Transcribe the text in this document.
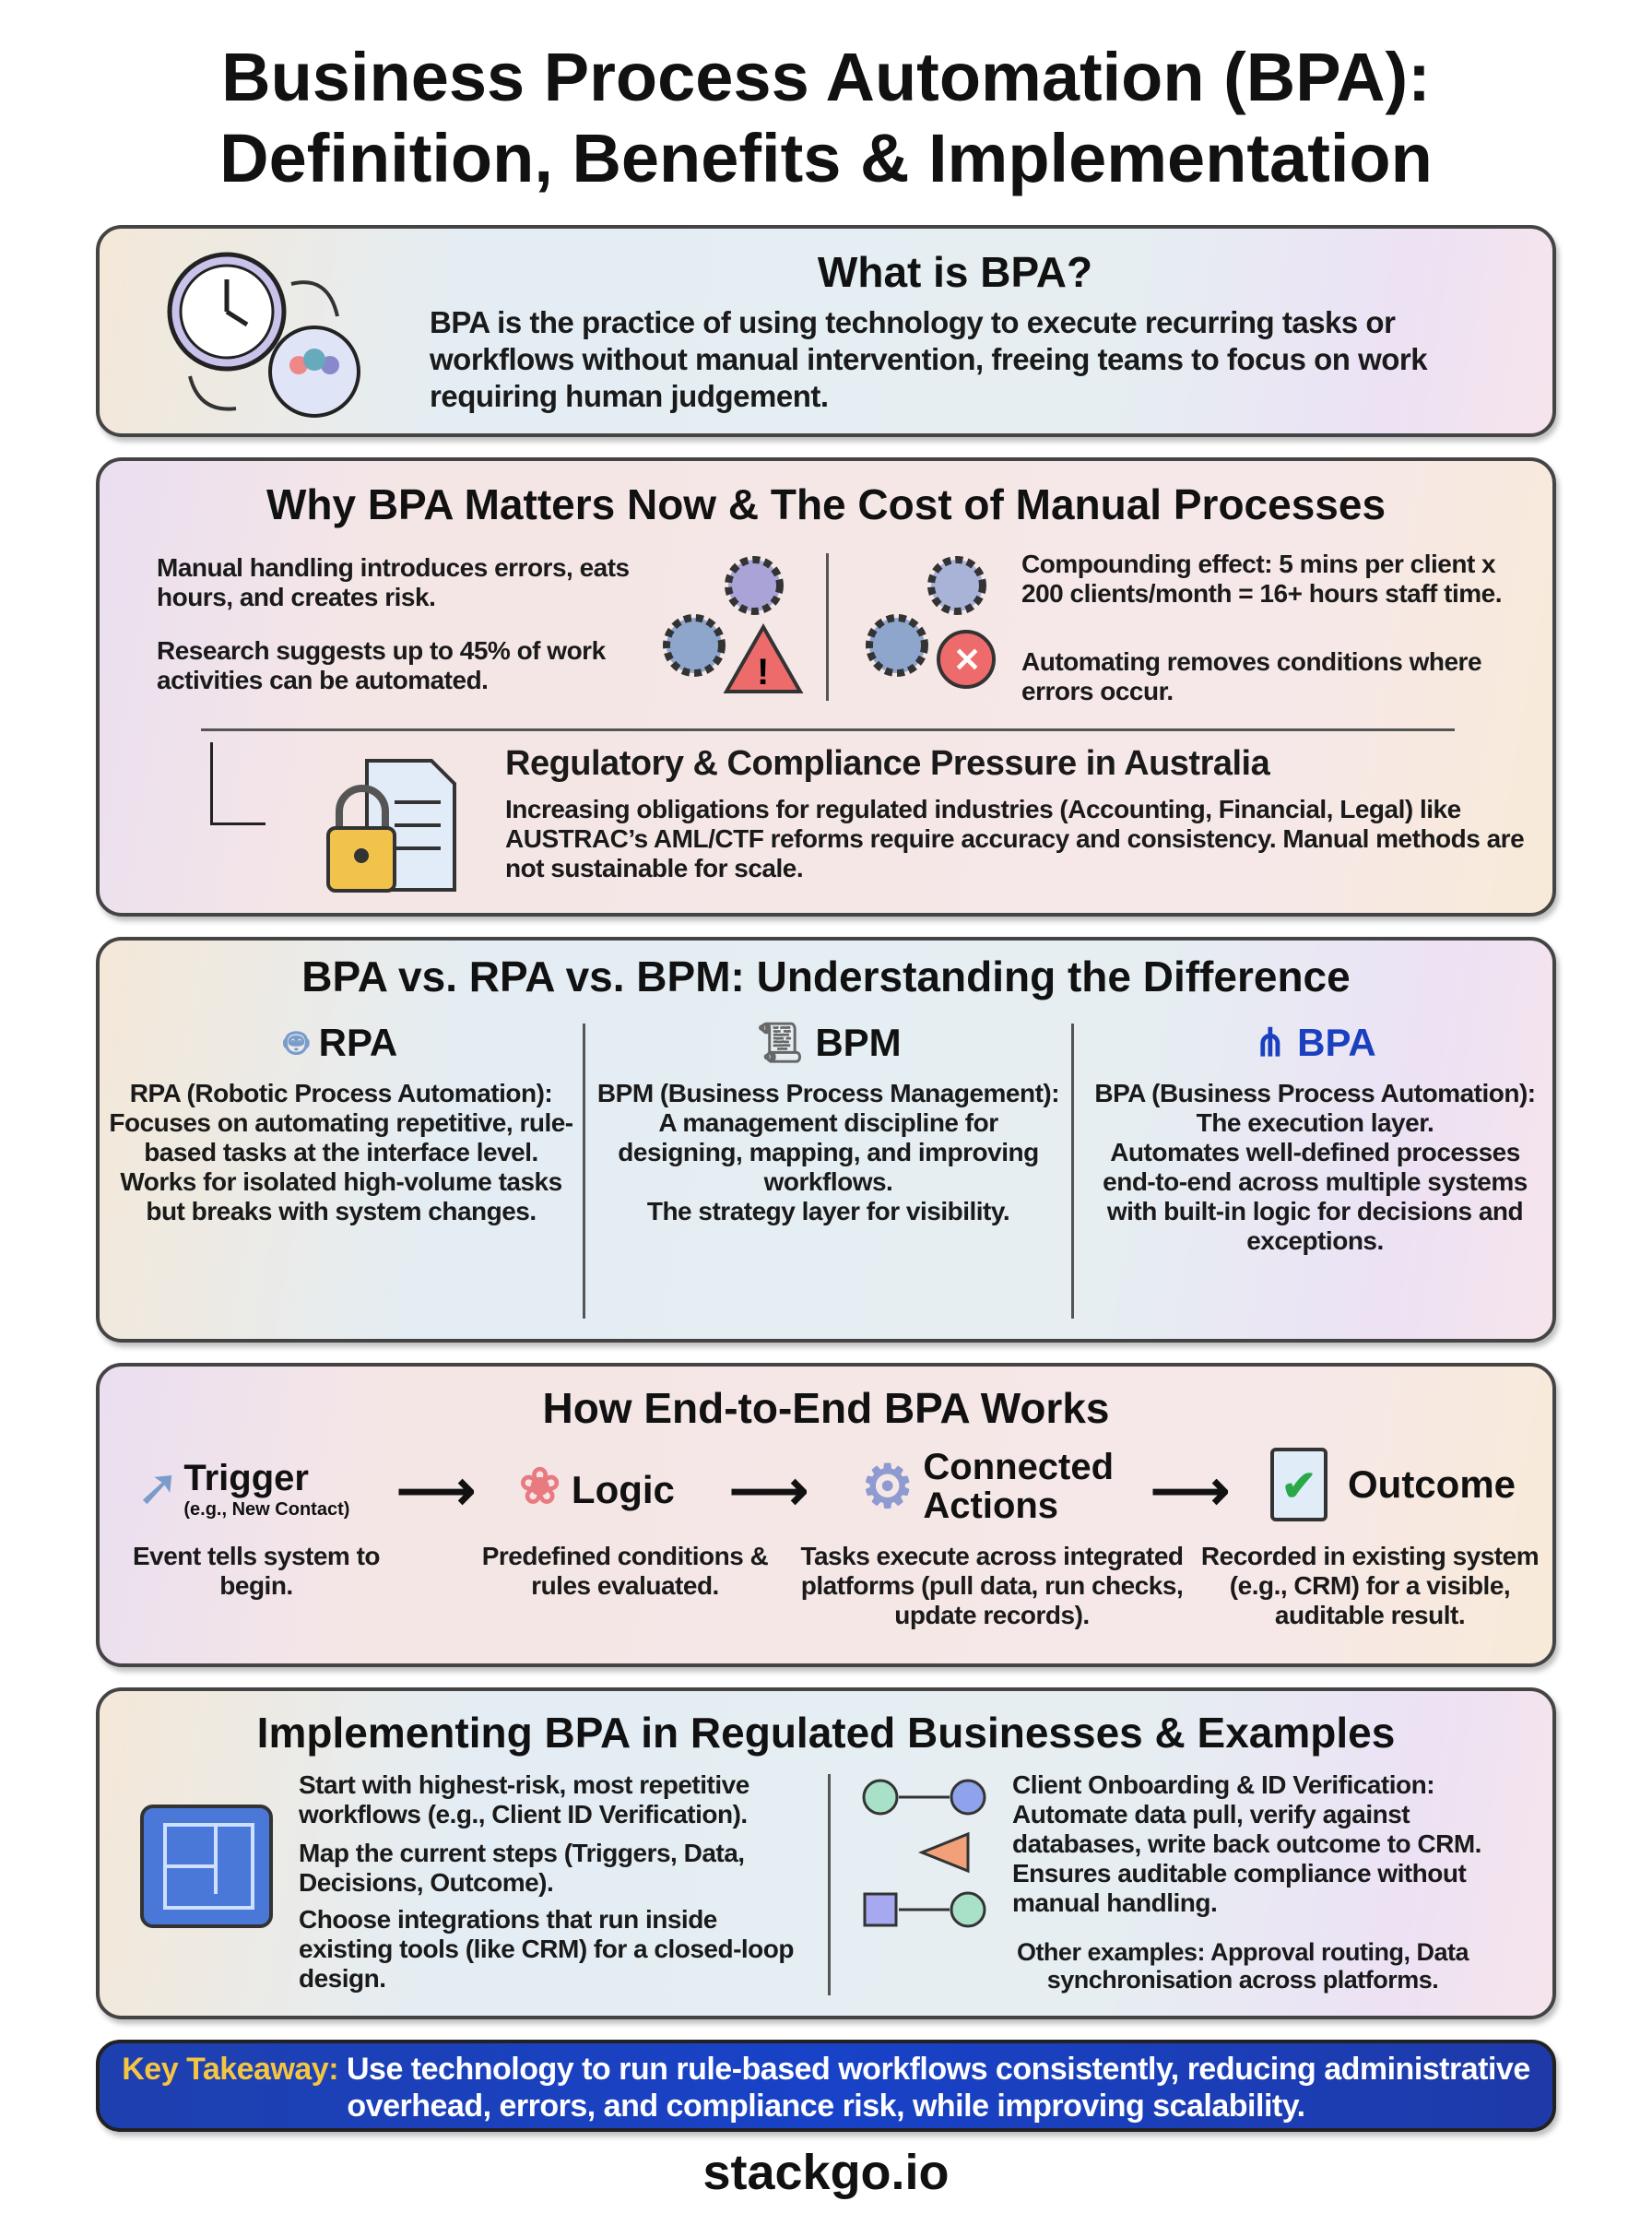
Business Process Automation (BPA):
Definition, Benefits & Implementation
What is BPA?
BPA is the practice of using technology to execute recurring tasks or workflows without manual intervention, freeing teams to focus on work requiring human judgement.
Why BPA Matters Now & The Cost of Manual Processes
Manual handling introduces errors, eats hours, and creates risk.
Research suggests up to 45% of work activities can be automated.	!	✕
Compounding effect: 5 mins per client x 200 clients/month = 16+ hours staff time.
Automating removes conditions where errors occur.
Regulatory & Compliance Pressure in Australia
Increasing obligations for regulated industries (Accounting, Financial, Legal) like AUSTRAC’s AML/CTF reforms require accuracy and consistency. Manual methods are not sustainable for scale.
BPA vs. RPA vs. BPM: Understanding the Difference
🤖︎ RPA
RPA (Robotic Process Automation):
Focuses on automating repetitive, rule-based tasks at the interface level.
Works for isolated high-volume tasks but breaks with system changes.
📜︎ BPM
BPM (Business Process Management):
A management discipline for designing, mapping, and improving workflows.
The strategy layer for visibility.
⋔ BPA
BPA (Business Process Automation):
The execution layer.
Automates well-defined processes end-to-end across multiple systems with built-in logic for decisions and exceptions.
How End-to-End BPA Works
➚ Trigger
(e.g., New Contact)
Event tells system to begin.
⟶ ❀ Logic
Predefined conditions & rules evaluated.
⟶ ⚙ Connected Actions
Tasks execute across integrated platforms (pull data, run checks, update records).
⟶ ✔ Outcome
Recorded in existing system (e.g., CRM) for a visible, auditable result.
Implementing BPA in Regulated Businesses & Examples
Start with highest-risk, most repetitive workflows (e.g., Client ID Verification).
Map the current steps (Triggers, Data, Decisions, Outcome).
Choose integrations that run inside existing tools (like CRM) for a closed-loop design.
Client Onboarding & ID Verification: Automate data pull, verify against databases, write back outcome to CRM. Ensures auditable compliance without manual handling.
Other examples: Approval routing, Data synchronisation across platforms.
Key Takeaway: Use technology to run rule-based workflows consistently, reducing administrative overhead, errors, and compliance risk, while improving scalability.
stackgo.io
